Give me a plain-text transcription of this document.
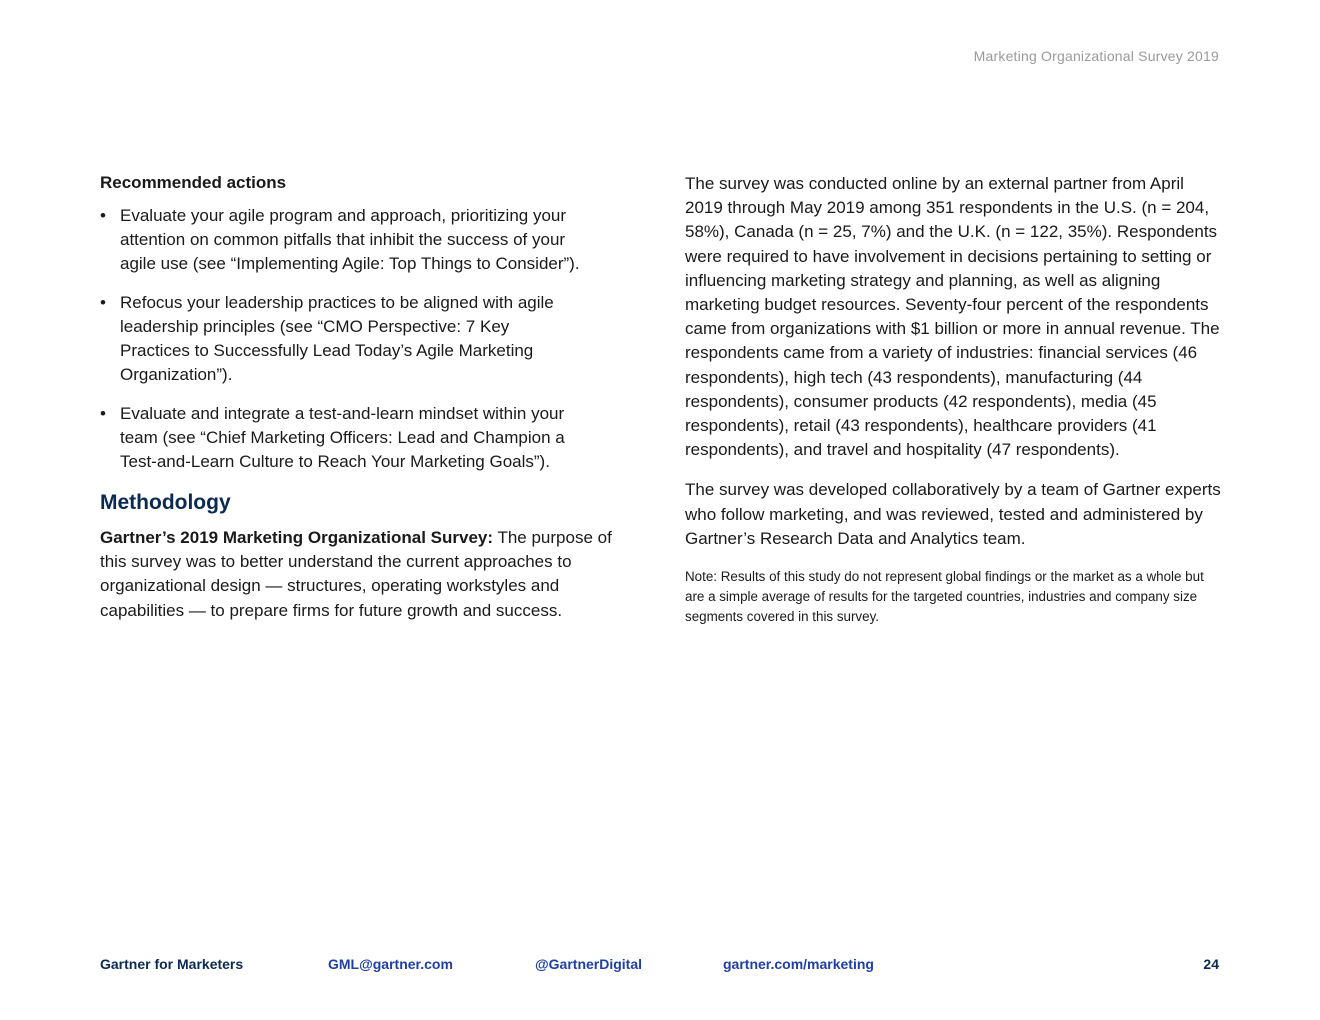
Marketing Organizational Survey 2019
Recommended actions
• Evaluate your agile program and approach, prioritizing your attention on common pitfalls that inhibit the success of your agile use (see “Implementing Agile: Top Things to Consider”).
• Refocus your leadership practices to be aligned with agile leadership principles (see “CMO Perspective: 7 Key Practices to Successfully Lead Today’s Agile Marketing Organization”).
• Evaluate and integrate a test-and-learn mindset within your team (see “Chief Marketing Officers: Lead and Champion a Test-and-Learn Culture to Reach Your Marketing Goals”).
Methodology

Gartner’s 2019 Marketing Organizational Survey: The purpose of this survey was to better understand the current approaches to organizational design — structures, operating workstyles and capabilities — to prepare firms for future growth and success.

The survey was conducted online by an external partner from April 2019 through May 2019 among 351 respondents in the U.S. (n = 204, 58%), Canada (n = 25, 7%) and the U.K. (n = 122, 35%). Respondents were required to have involvement in decisions pertaining to setting or influencing marketing strategy and planning, as well as aligning marketing budget resources. Seventy-four percent of the respondents came from organizations with $1 billion or more in annual revenue. The respondents came from a variety of industries: financial services (46 respondents), high tech (43 respondents), manufacturing (44 respondents), consumer products (42 respondents), media (45 respondents), retail (43 respondents), healthcare providers (41 respondents), and travel and hospitality (47 respondents).

The survey was developed collaboratively by a team of Gartner experts who follow marketing, and was reviewed, tested and administered by Gartner’s Research Data and Analytics team.

Note: Results of this study do not represent global findings or the market as a whole but are a simple average of results for the targeted countries, industries and company size segments covered in this survey.

Gartner for Marketers	GML@gartner.com	@GartnerDigital	gartner.com/marketing	24
